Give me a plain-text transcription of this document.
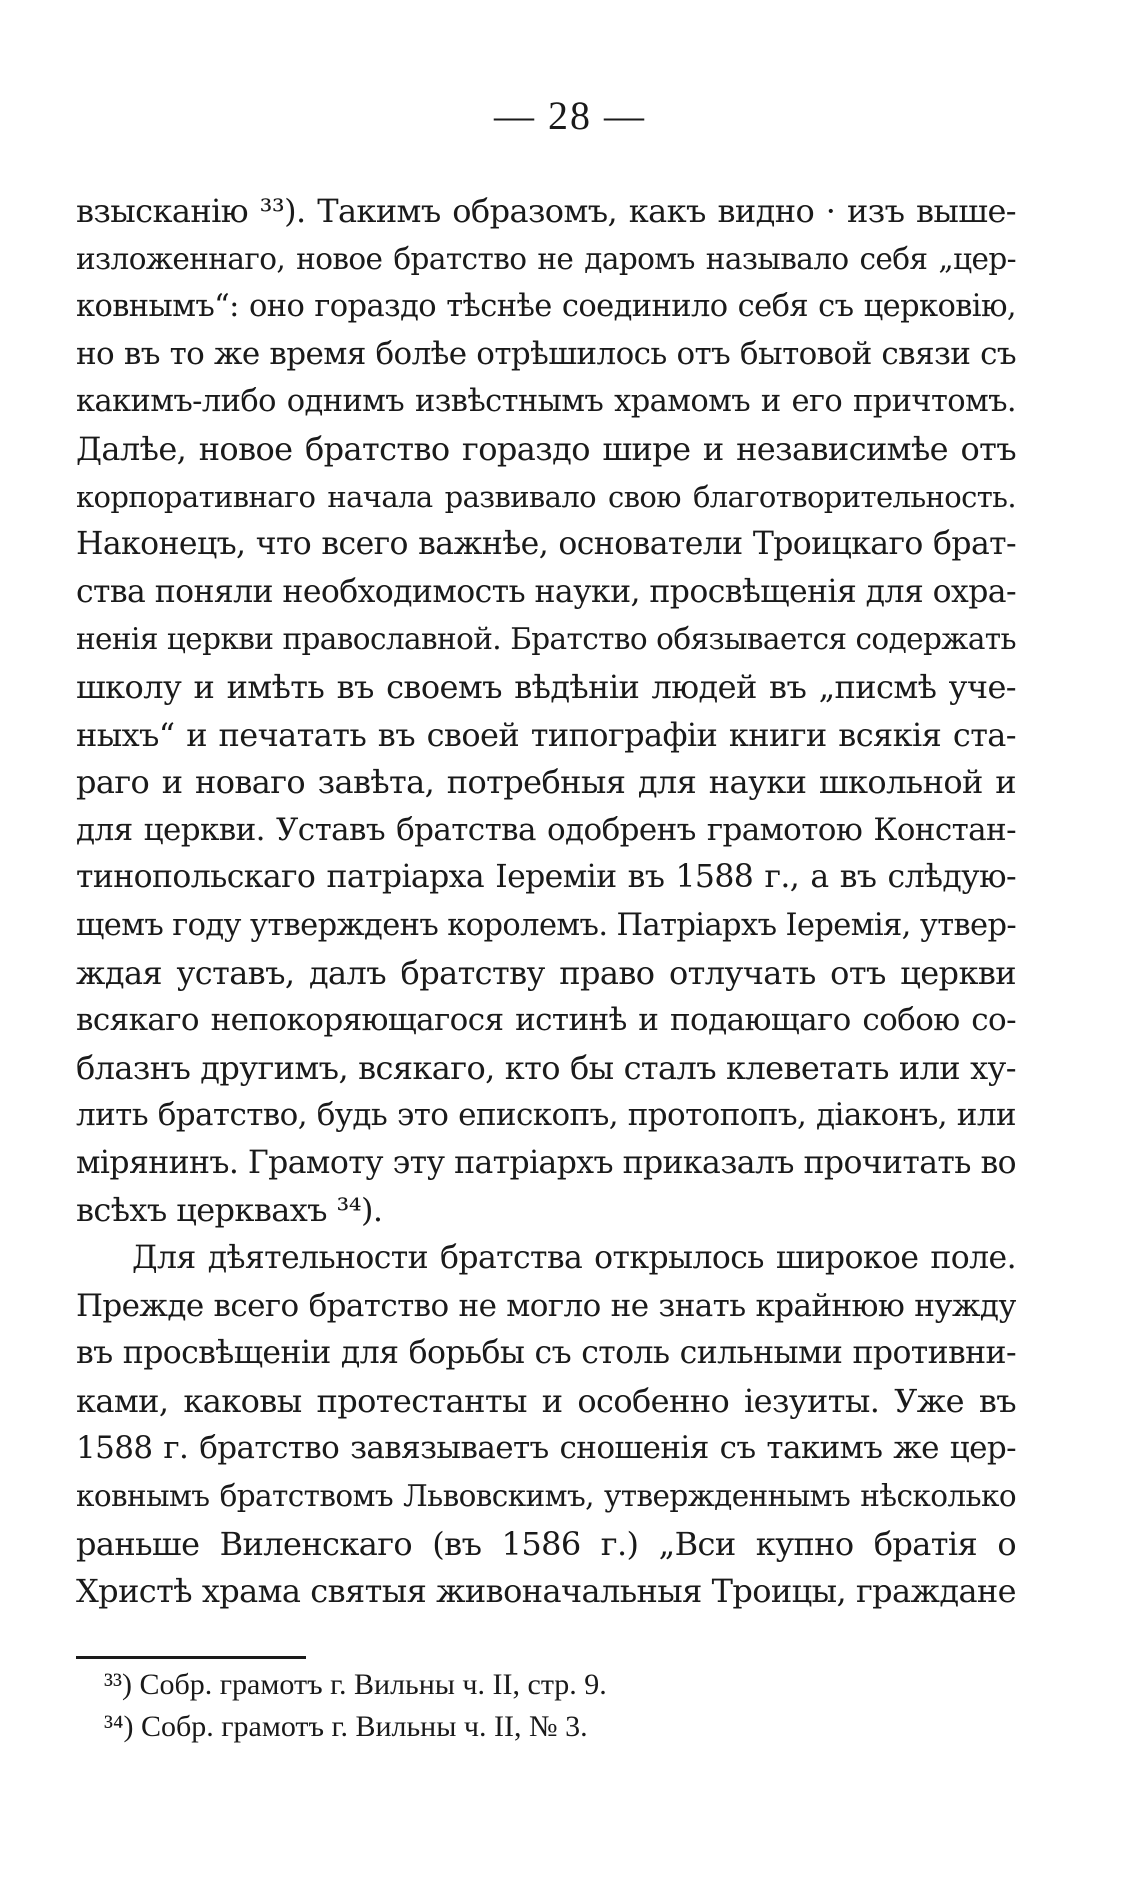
— 28 —
взысканію ³³). Такимъ образомъ, какъ видно · изъ выше-
изложеннаго, новое братство не даромъ называло себя „цер-
ковнымъ“: оно гораздо тѣснѣе соединило себя съ церковію,
но въ то же время болѣе отрѣшилось отъ бытовой связи съ
какимъ-либо однимъ извѣстнымъ храмомъ и его причтомъ.
Далѣе, новое братство гораздо шире и независимѣе отъ
корпоративнаго начала развивало свою благотворительность.
Наконецъ, что всего важнѣе, основатели Троицкаго брат-
ства поняли необходимость науки, просвѣщенія для охра-
ненія церкви православной. Братство обязывается содержать
школу и имѣть въ своемъ вѣдѣніи людей въ „писмѣ уче-
ныхъ“ и печатать въ своей типографіи книги всякія ста-
раго и новаго завѣта, потребныя для науки школьной и
для церкви. Уставъ братства одобренъ грамотою Констан-
тинопольскаго патріарха Іереміи въ 1588 г., а въ слѣдую-
щемъ году утвержденъ королемъ. Патріархъ Іеремія, утвер-
ждая уставъ, далъ братству право отлучать отъ церкви
всякаго непокоряющагося истинѣ и подающаго собою со-
блазнъ другимъ, всякаго, кто бы сталъ клеветать или ху-
лить братство, будь это епископъ, протопопъ, діаконъ, или
мірянинъ. Грамоту эту патріархъ приказалъ прочитать во
всѣхъ церквахъ ³⁴).
Для дѣятельности братства открылось широкое поле.
Прежде всего братство не могло не знать крайнюю нужду
въ просвѣщеніи для борьбы съ столь сильными противни-
ками, каковы протестанты и особенно іезуиты. Уже въ
1588 г. братство завязываетъ сношенія съ такимъ же цер-
ковнымъ братствомъ Львовскимъ, утвержденнымъ нѣсколько
раньше Виленскаго (въ 1586 г.) „Вси купно братія о
Христѣ храма святыя живоначальныя Троицы, граждане
³³) Собр. грамотъ г. Вильны ч. II, стр. 9.
³⁴) Собр. грамотъ г. Вильны ч. II, № 3.
